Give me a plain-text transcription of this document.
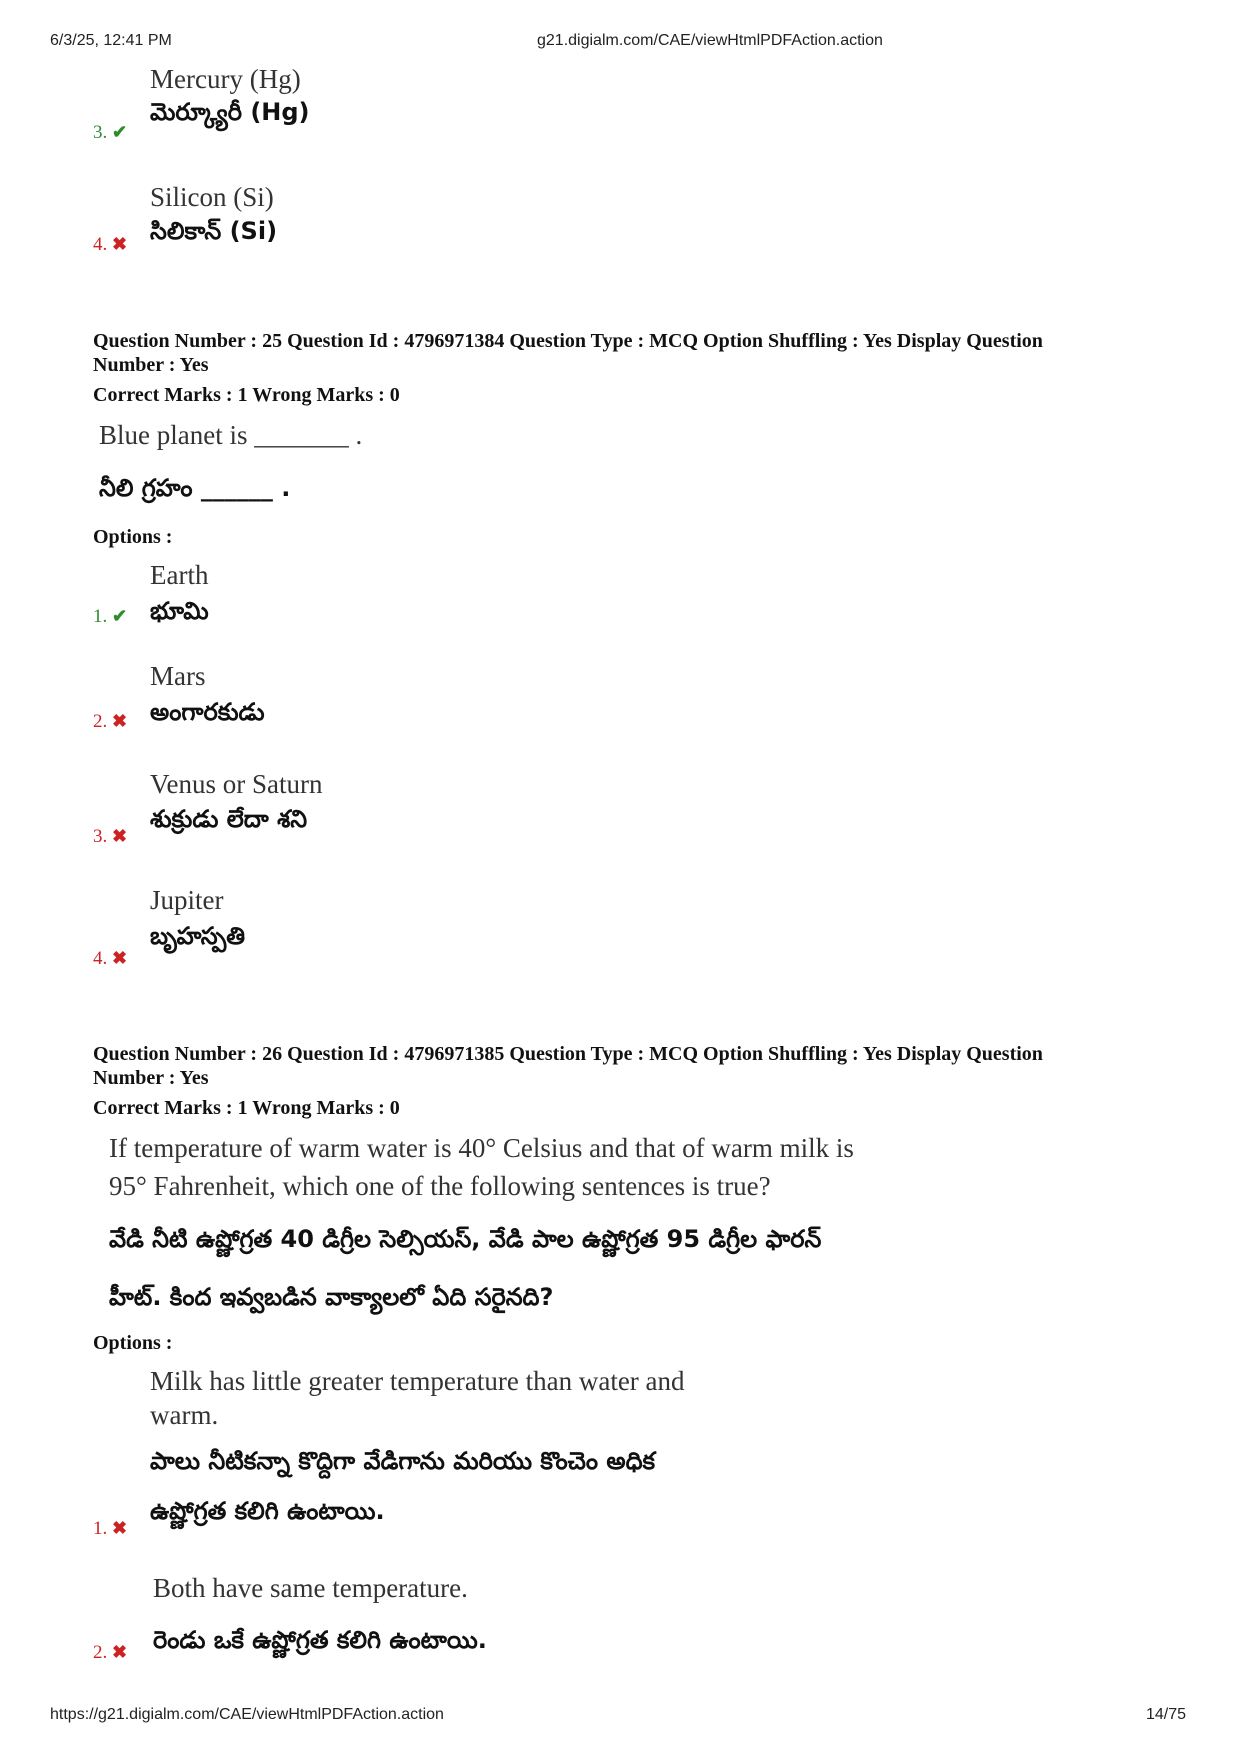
6/3/25, 12:41 PM	g21.digialm.com/CAE/viewHtmlPDFAction.action
Mercury (Hg)
మెర్క్యూరీ (Hg)
3. ✔
Silicon (Si)
సిలికాన్ (Si)
4. ✖
Question Number : 25 Question Id : 4796971384 Question Type : MCQ Option Shuffling : Yes Display Question
Number : Yes
Correct Marks : 1 Wrong Marks : 0
Blue planet is _______ .
నీలి గ్రహం ______ .
Options :
Earth
భూమి
1. ✔
Mars
అంగారకుడు
2. ✖
Venus or Saturn
శుక్రుడు లేదా శని
3. ✖
Jupiter
బృహస్పతి
4. ✖
Question Number : 26 Question Id : 4796971385 Question Type : MCQ Option Shuffling : Yes Display Question
Number : Yes
Correct Marks : 1 Wrong Marks : 0
If temperature of warm water is 40° Celsius and that of warm milk is
95° Fahrenheit, which one of the following sentences is true?
వేడి నీటి ఉష్ణోగ్రత 40 డిగ్రీల సెల్సియస్, వేడి పాల ఉష్ణోగ్రత 95 డిగ్రీల ఫారన్
హీట్. కింద ఇవ్వబడిన వాక్యాలలో ఏది సరైనది?
Options :
Milk has little greater temperature than water and
warm.
పాలు నీటికన్నా కొద్దిగా వేడిగాను మరియు కొంచెం అధిక
ఉష్ణోగ్రత కలిగి ఉంటాయి.
1. ✖
Both have same temperature.
రెండు ఒకే ఉష్ణోగ్రత కలిగి ఉంటాయి.
2. ✖
https://g21.digialm.com/CAE/viewHtmlPDFAction.action	14/75
